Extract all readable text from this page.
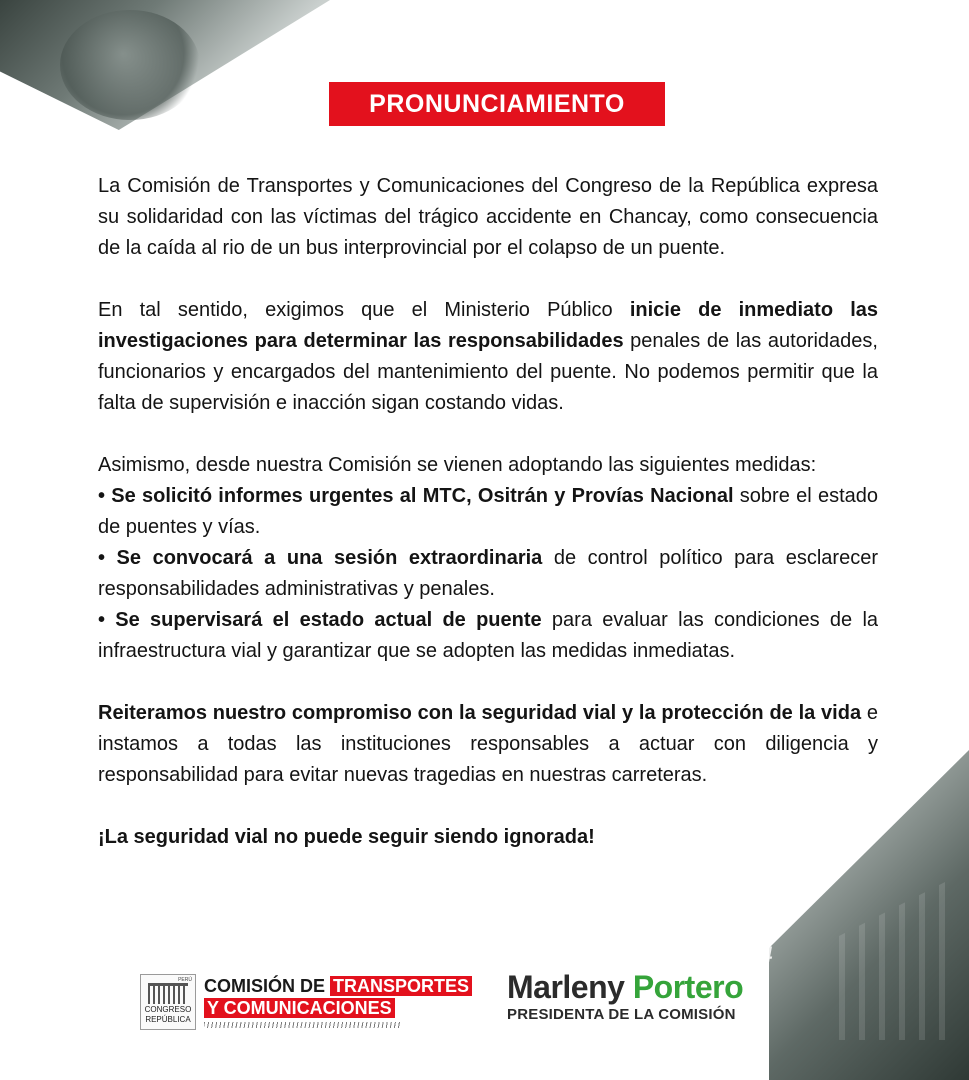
PRONUNCIAMIENTO

La Comisión de Transportes y Comunicaciones del Congreso de la República expresa su solidaridad con las víctimas del trágico accidente en Chancay, como consecuencia de la caída al rio de un bus interprovincial por el colapso de un puente.

En tal sentido, exigimos que el Ministerio Público inicie de inmediato las investigaciones para determinar las responsabilidades penales de las autoridades, funcionarios y encargados del mantenimiento del puente. No podemos permitir que la falta de supervisión e inacción sigan costando vidas.

Asimismo, desde nuestra Comisión se vienen adoptando las siguientes medidas:

• Se solicitó informes urgentes al MTC, Ositrán y Provías Nacional sobre el estado de puentes y vías.

• Se convocará a una sesión extraordinaria de control político para esclarecer responsabilidades administrativas y penales.

• Se supervisará el estado actual de puente para evaluar las condiciones de la infraestructura vial y garantizar que se adopten las medidas inmediatas.

Reiteramos nuestro compromiso con la seguridad vial y la protección de la vida e instamos a todas las instituciones responsables a actuar con diligencia y responsabilidad para evitar nuevas tragedias en nuestras carreteras.

¡La seguridad vial no puede seguir siendo ignorada!

#Presupuesto2024
PERÚ
CONGRESO
REPÚBLICA
COMISIÓN DE TRANSPORTES
Y COMUNICACIONES
Marleny Portero
PRESIDENTA DE LA COMISIÓN
